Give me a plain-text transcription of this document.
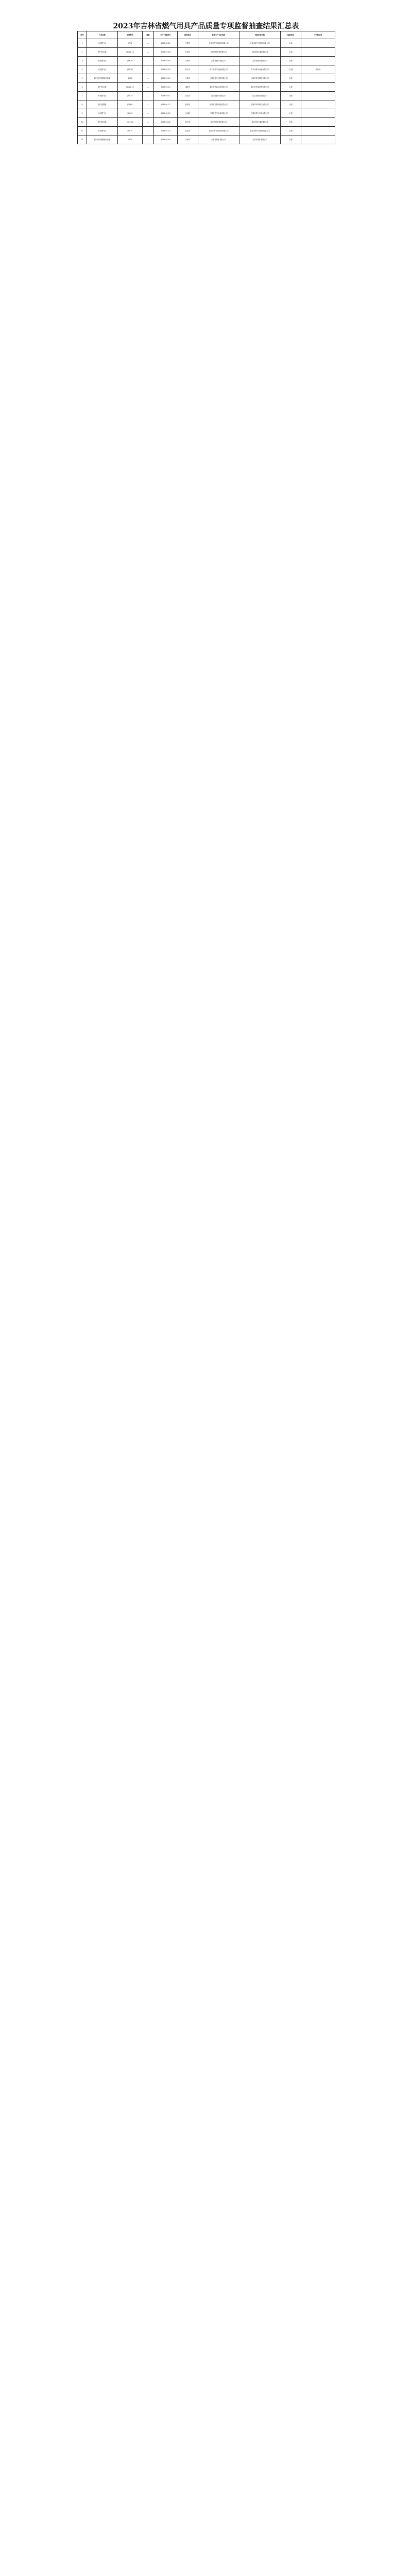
2023年吉林省燃气用具产品质量专项监督抽查结果汇总表
序号	产品名称	规格型号	商标	生产日期/批号	抽样地点	标称生产企业名称	受检单位名称	检验结论	不合格项目
1	家用燃气灶	JZT-2	—	2023-02-10	长春市	长春市燃气具制造有限公司	长春市燃气具制造有限公司	合格	
2	燃气热水器	JSQ20-10	—	2023-01-18	长春市	吉林省热水器有限公司	吉林省热水器有限公司	合格	
3	家用燃气灶	JZY-2B	—	2023-03-05	吉林市	吉林市燃具有限公司	吉林市燃具有限公司	合格	
4	家用燃气灶	JZT-2D	—	2023-02-22	四平市	四平市燃气设备有限公司	四平市燃气设备有限公司	不合格	热负荷
5	燃气用不锈钢波纹软管	DN15	—	2023-01-09	辽源市	辽源市管件制造有限公司	辽源市管件制造有限公司	合格	
6	燃气热水器	JSQ24-12	—	2023-02-14	通化市	通化市热能设备有限公司	通化市热能设备有限公司	合格	
7	家用燃气灶	JZT-2E	—	2023-03-11	白山市	白山市燃具有限公司	白山市燃具有限公司	合格	
8	燃气报警器	JT-BJ01	—	2023-01-27	松原市	松原市安防科技有限公司	松原市安防科技有限公司	合格	
9	家用燃气灶	JZY-2C	—	2023-02-03	白城市	白城市燃气用具有限公司	白城市燃气用具有限公司	合格	
10	燃气热水器	JSQ16-8	—	2023-03-02	延边州	延边州热水器有限公司	延边州热水器有限公司	合格	
11	家用燃气灶	JZT-2F	—	2023-01-15	长春市	长春市燃气具制造有限公司	长春市燃气具制造有限公司	合格	
12	燃气用不锈钢波纹软管	DN20	—	2023-02-19	吉林市	吉林市管件有限公司	吉林市管件有限公司	合格	
